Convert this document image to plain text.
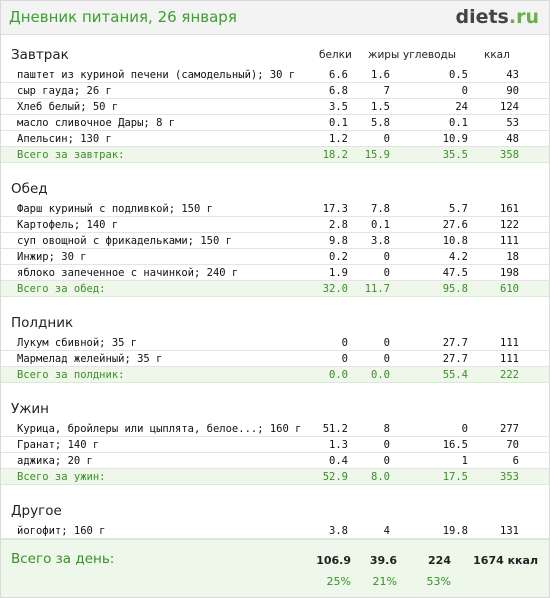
Дневник питания, 26 января	diets.ru
Завтрак	белки жиры углеводы	ккал
паштет из куриной печени (самодельный); 30 г	6.6	1.6	0.5	43
сыр гауда; 26 г	6.8	7	0	90
Хлеб белый; 50 г	3.5	1.5	24	124
масло сливочное Дары; 8 г	0.1	5.8	0.1	53
Апельсин; 130 г	1.2	0	10.9	48
Всего за завтрак:	18.2	15.9	35.5	358
Обед
Фарш куриный с подливкой; 150 г	17.3	7.8	5.7	161
Картофель; 140 г	2.8	0.1	27.6	122
суп овощной с фрикадельками; 150 г	9.8	3.8	10.8	111
Инжир; 30 г	0.2	0	4.2	18
яблоко запеченное с начинкой; 240 г	1.9	0	47.5	198
Всего за обед:	32.0	11.7	95.8	610
Полдник
Лукум сбивной; 35 г	0	0	27.7	111
Мармелад желейный; 35 г	0	0	27.7	111
Всего за полдник:	0.0	0.0	55.4	222
Ужин
Курица, бройлеры или цыплята, белое...; 160 г	51.2	8	0	277
Гранат; 140 г	1.3	0	16.5	70
аджика; 20 г	0.4	0	1	6
Всего за ужин:	52.9	8.0	17.5	353
Другое
йогофит; 160 г	3.8	4	19.8	131
Всего за день:	106.9	39.6	224	1674 ккал
25%	21%	53%
